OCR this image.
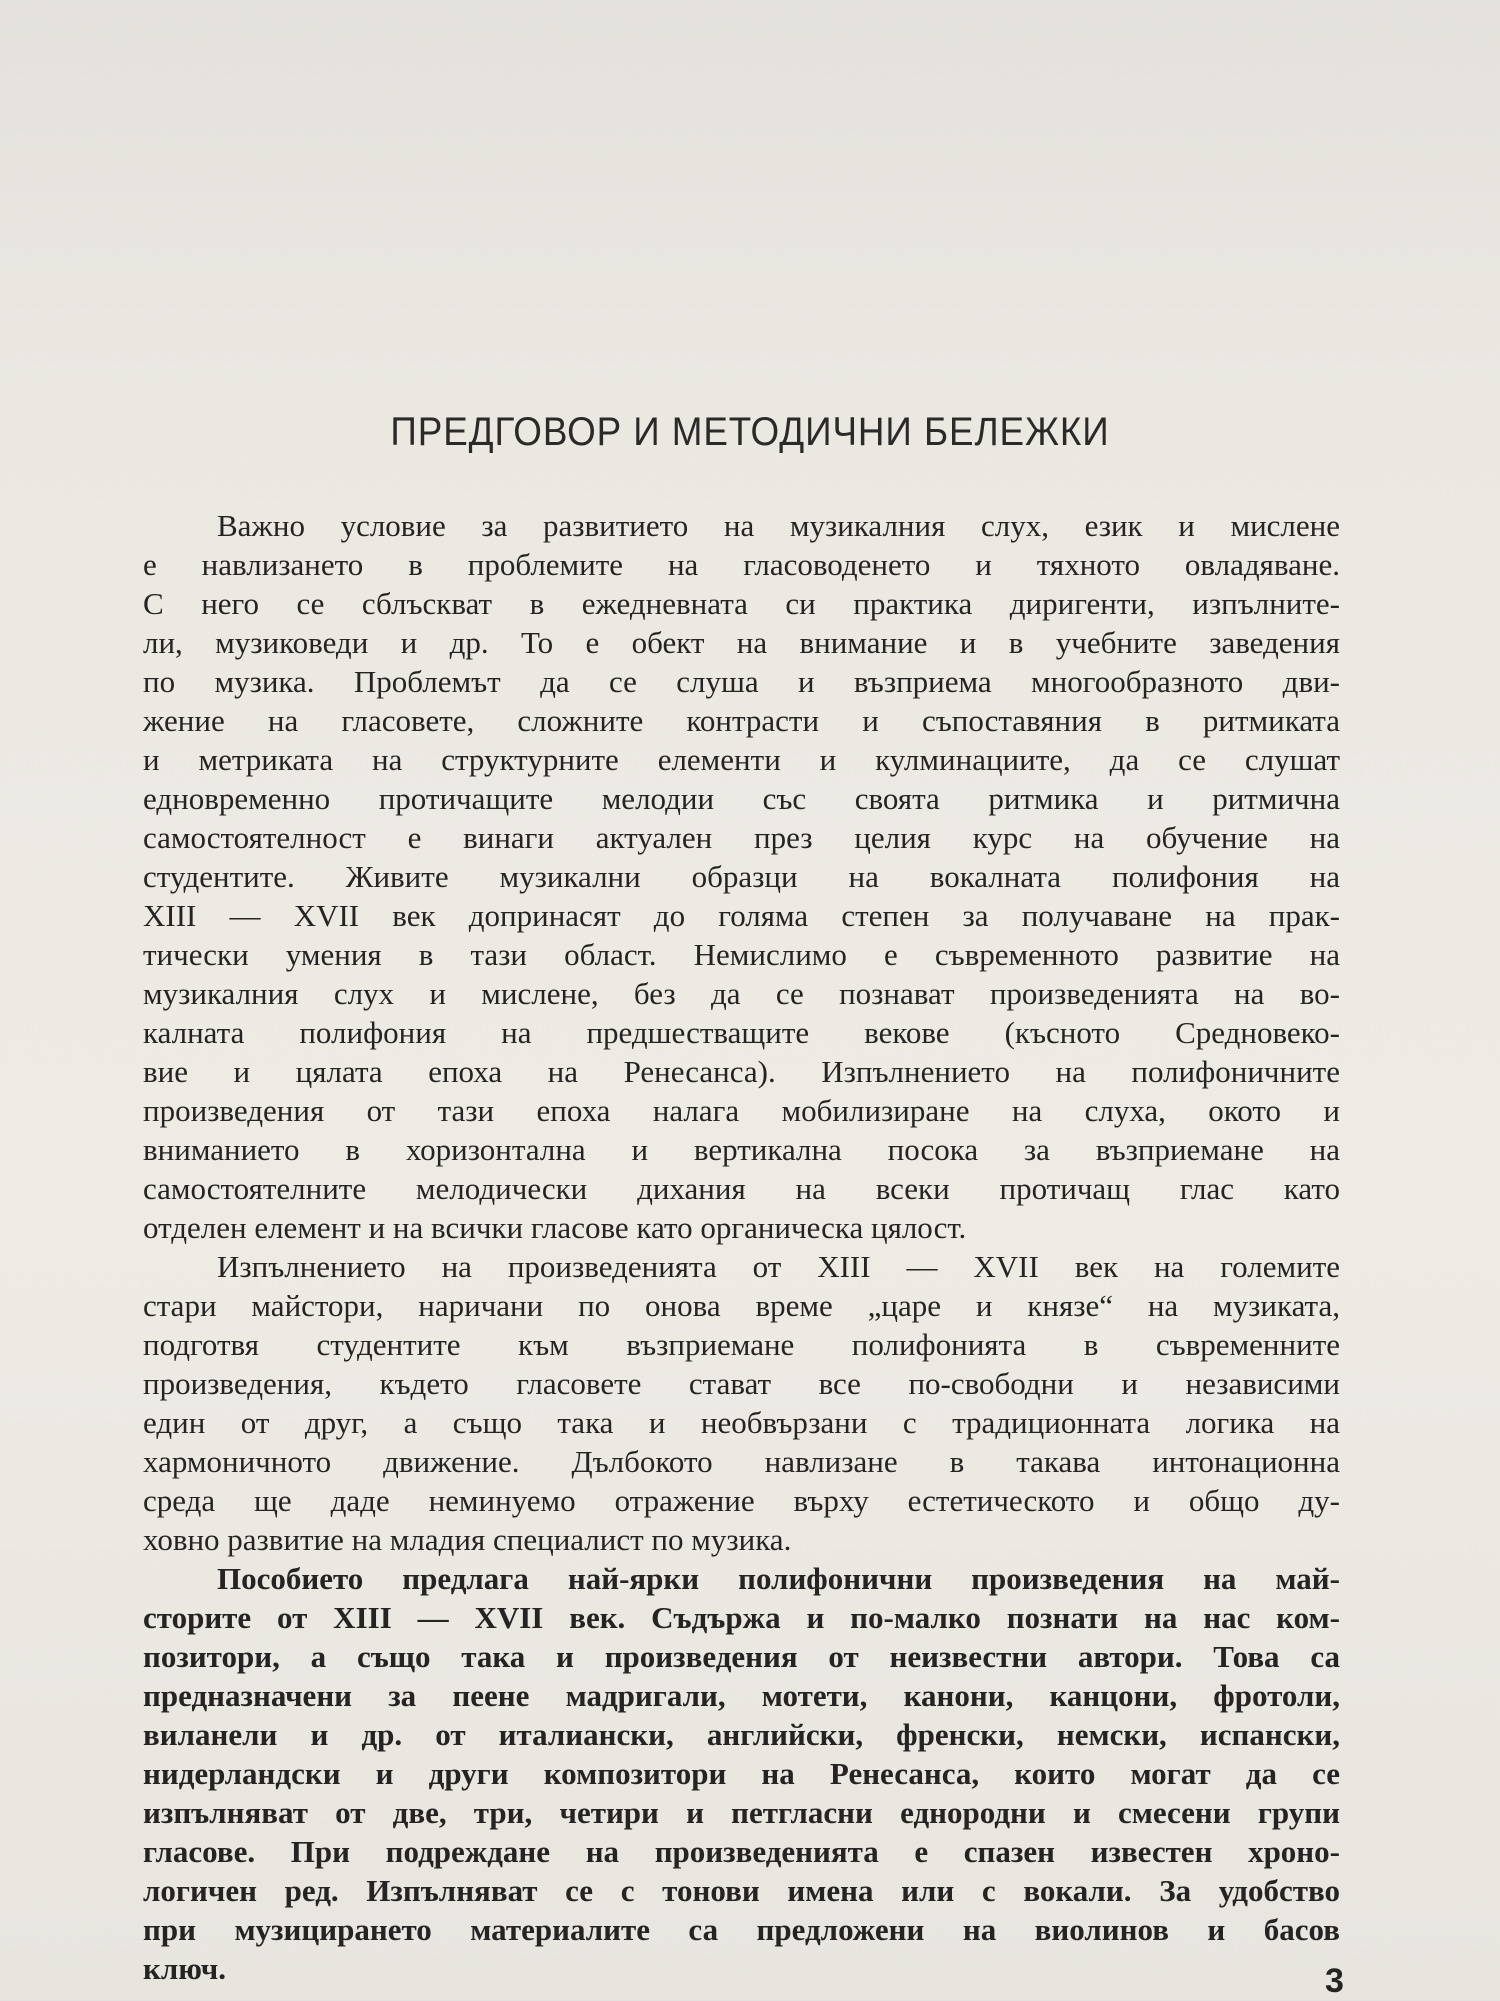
ПРЕДГОВОР И МЕТОДИЧНИ БЕЛЕЖКИ
Важно условие за развитието на музикалния слух, език и мислене
е навлизането в проблемите на гласоводенето и тяхното овладяване.
С него се сблъскват в ежедневната си практика диригенти, изпълните-
ли, музиковеди и др. То е обект на внимание и в учебните заведения
по музика. Проблемът да се слуша и възприема многообразното дви-
жение на гласовете, сложните контрасти и съпоставяния в ритмиката
и метриката на структурните елементи и кулминациите, да се слушат
едновременно протичащите мелодии със своята ритмика и ритмична
самостоятелност е винаги актуален през целия курс на обучение на
студентите. Живите музикални образци на вокалната полифония на
XIII — XVII век допринасят до голяма степен за получаване на прак-
тически умения в тази област. Немислимо е съвременното развитие на
музикалния слух и мислене, без да се познават произведенията на во-
калната полифония на предшестващите векове (късното Средновеко-
вие и цялата епоха на Ренесанса). Изпълнението на полифоничните
произведения от тази епоха налага мобилизиране на слуха, окото и
вниманието в хоризонтална и вертикална посока за възприемане на
самостоятелните мелодически дихания на всеки протичащ глас като
отделен елемент и на всички гласове като органическа цялост.
Изпълнението на произведенията от XIII — XVII век на големите
стари майстори, наричани по онова време „царе и князе“ на музиката,
подготвя студентите към възприемане полифонията в съвременните
произведения, където гласовете стават все по-свободни и независими
един от друг, а също така и необвързани с традиционната логика на
хармоничното движение. Дълбокото навлизане в такава интонационна
среда ще даде неминуемо отражение върху естетическото и общо ду-
ховно развитие на младия специалист по музика.
Пособието предлага най-ярки полифонични произведения на май-
сторите от XIII — XVII век. Съдържа и по-малко познати на нас ком-
позитори, а също така и произведения от неизвестни автори. Това са
предназначени за пеене мадригали, мотети, канони, канцони, фротоли,
виланели и др. от италиански, английски, френски, немски, испански,
нидерландски и други композитори на Ренесанса, които могат да се
изпълняват от две, три, четири и петгласни еднородни и смесени групи
гласове. При подреждане на произведенията е спазен известен хроно-
логичен ред. Изпълняват се с тонови имена или с вокали. За удобство
при музицирането материалите са предложени на виолинов и басов
ключ.	3
